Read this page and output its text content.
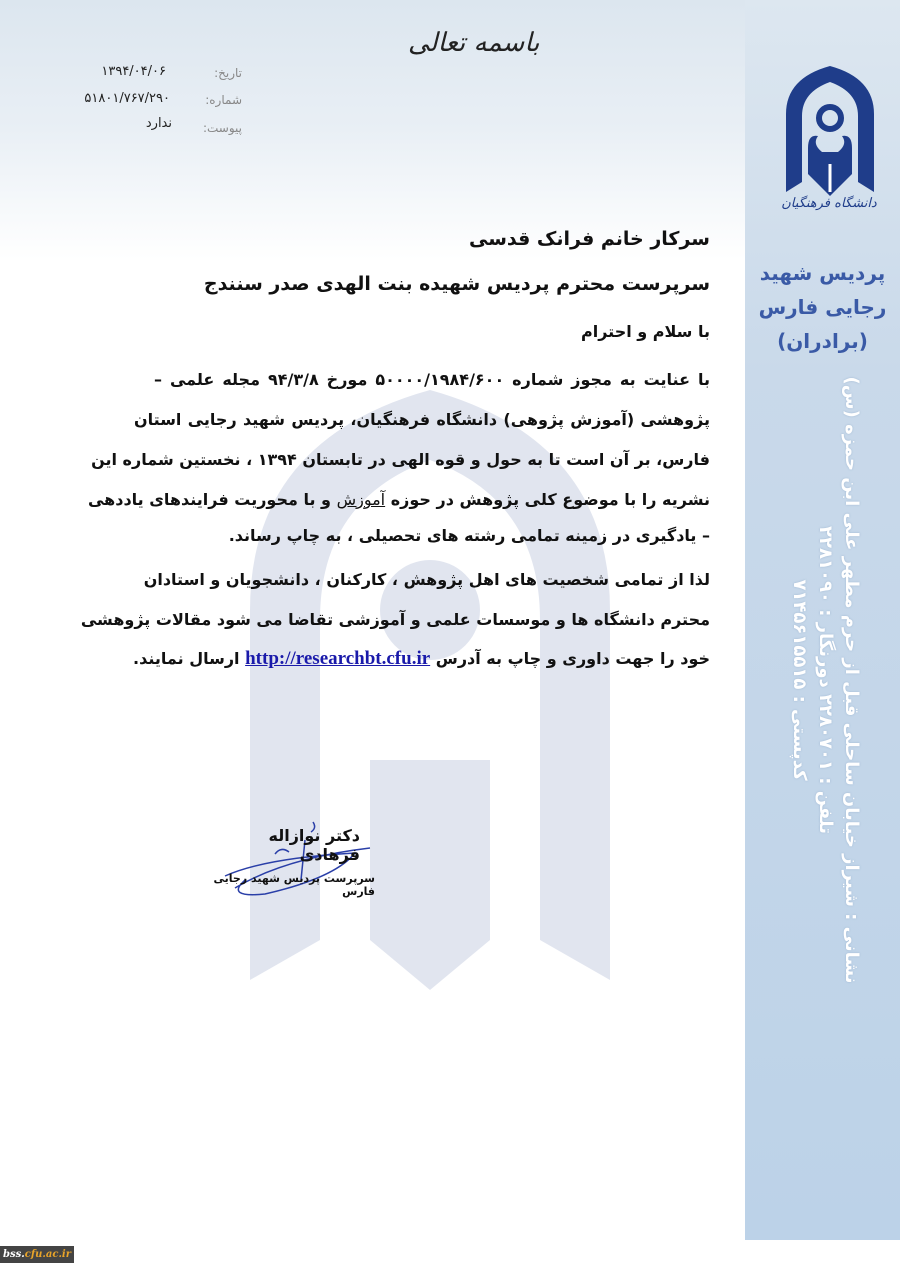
باسمه تعالی
تاریخ:
۱۳۹۴/۰۴/۰۶
شماره:
۵۱۸۰۱/۷۶۷/۲۹۰
پیوست:
ندارد
دانشگاه فرهنگیان
پردیس شهید رجایی فارس
(برادران)
نشانی : شیراز خیابان ساحلی قبل از حرم مطهر علی ابن حمزه (س)
تلفن : ۲۲۸۰۷۰۱ دورنگار : ۲۲۸۱۰۹۰
کدپستی : ۷۱۴۵۶۱۵۵۱۵
سرکار خانم فرانک قدسی
سرپرست محترم پردیس شهیده بنت الهدی صدر سنندج
با سلام و احترام
با عنایت به مجوز شماره ۵۰۰۰۰/۱۹۸۴/۶۰۰ مورخ ۹۴/۳/۸ مجله علمی –
پژوهشی (آموزش پژوهی) دانشگاه فرهنگیان، پردیس شهید رجایی استان
فارس، بر آن است تا به حول و قوه الهی در تابستان ۱۳۹۴ ، نخستین شماره این
نشریه را با موضوع کلی پژوهش در حوزه آموزش و با محوریت فرایندهای یاددهی
– یادگیری در زمینه تمامی رشته های تحصیلی ، به چاپ رساند.
لذا از تمامی شخصیت های اهل پژوهش ، کارکنان ، دانشجویان و استادان
محترم دانشگاه ها و موسسات علمی و آموزشی تقاضا می شود مقالات پژوهشی
خود را جهت داوری و چاپ به آدرس http://researchbt.cfu.ir ارسال نمایند.
دکتر نوازاله فرهادی
سرپرست پردیس شهید رجایی فارس
bss.cfu.ac.ir
